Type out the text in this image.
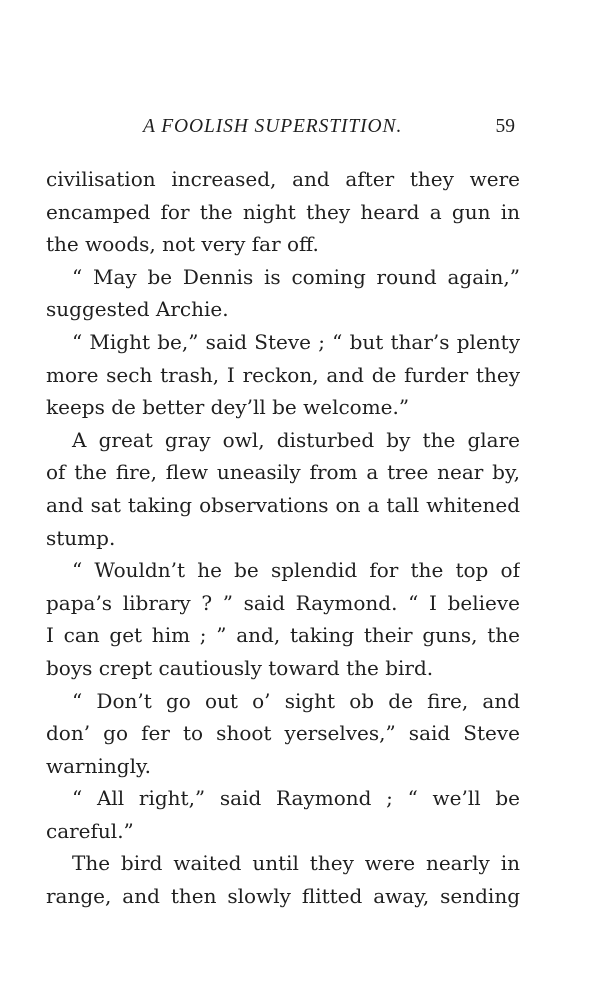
A FOOLISH SUPERSTITION.	59
civilisation increased, and after they were
encamped for the night they heard a gun in
the woods, not very far off.
“ May be Dennis is coming round again,”
suggested Archie.
“ Might be,” said Steve ; “ but thar’s plenty
more sech trash, I reckon, and de furder they
keeps de better dey’ll be welcome.”
A great gray owl, disturbed by the glare
of the fire, flew uneasily from a tree near by,
and sat taking observations on a tall whitened
stump.
“ Wouldn’t he be splendid for the top of
papa’s library ? ” said Raymond. “ I believe
I can get him ; ” and, taking their guns, the
boys crept cautiously toward the bird.
“ Don’t go out o’ sight ob de fire, and
don’ go fer to shoot yerselves,” said Steve
warningly.
“ All right,” said Raymond ; “ we’ll be
careful.”
The bird waited until they were nearly in
range, and then slowly flitted away, sending
